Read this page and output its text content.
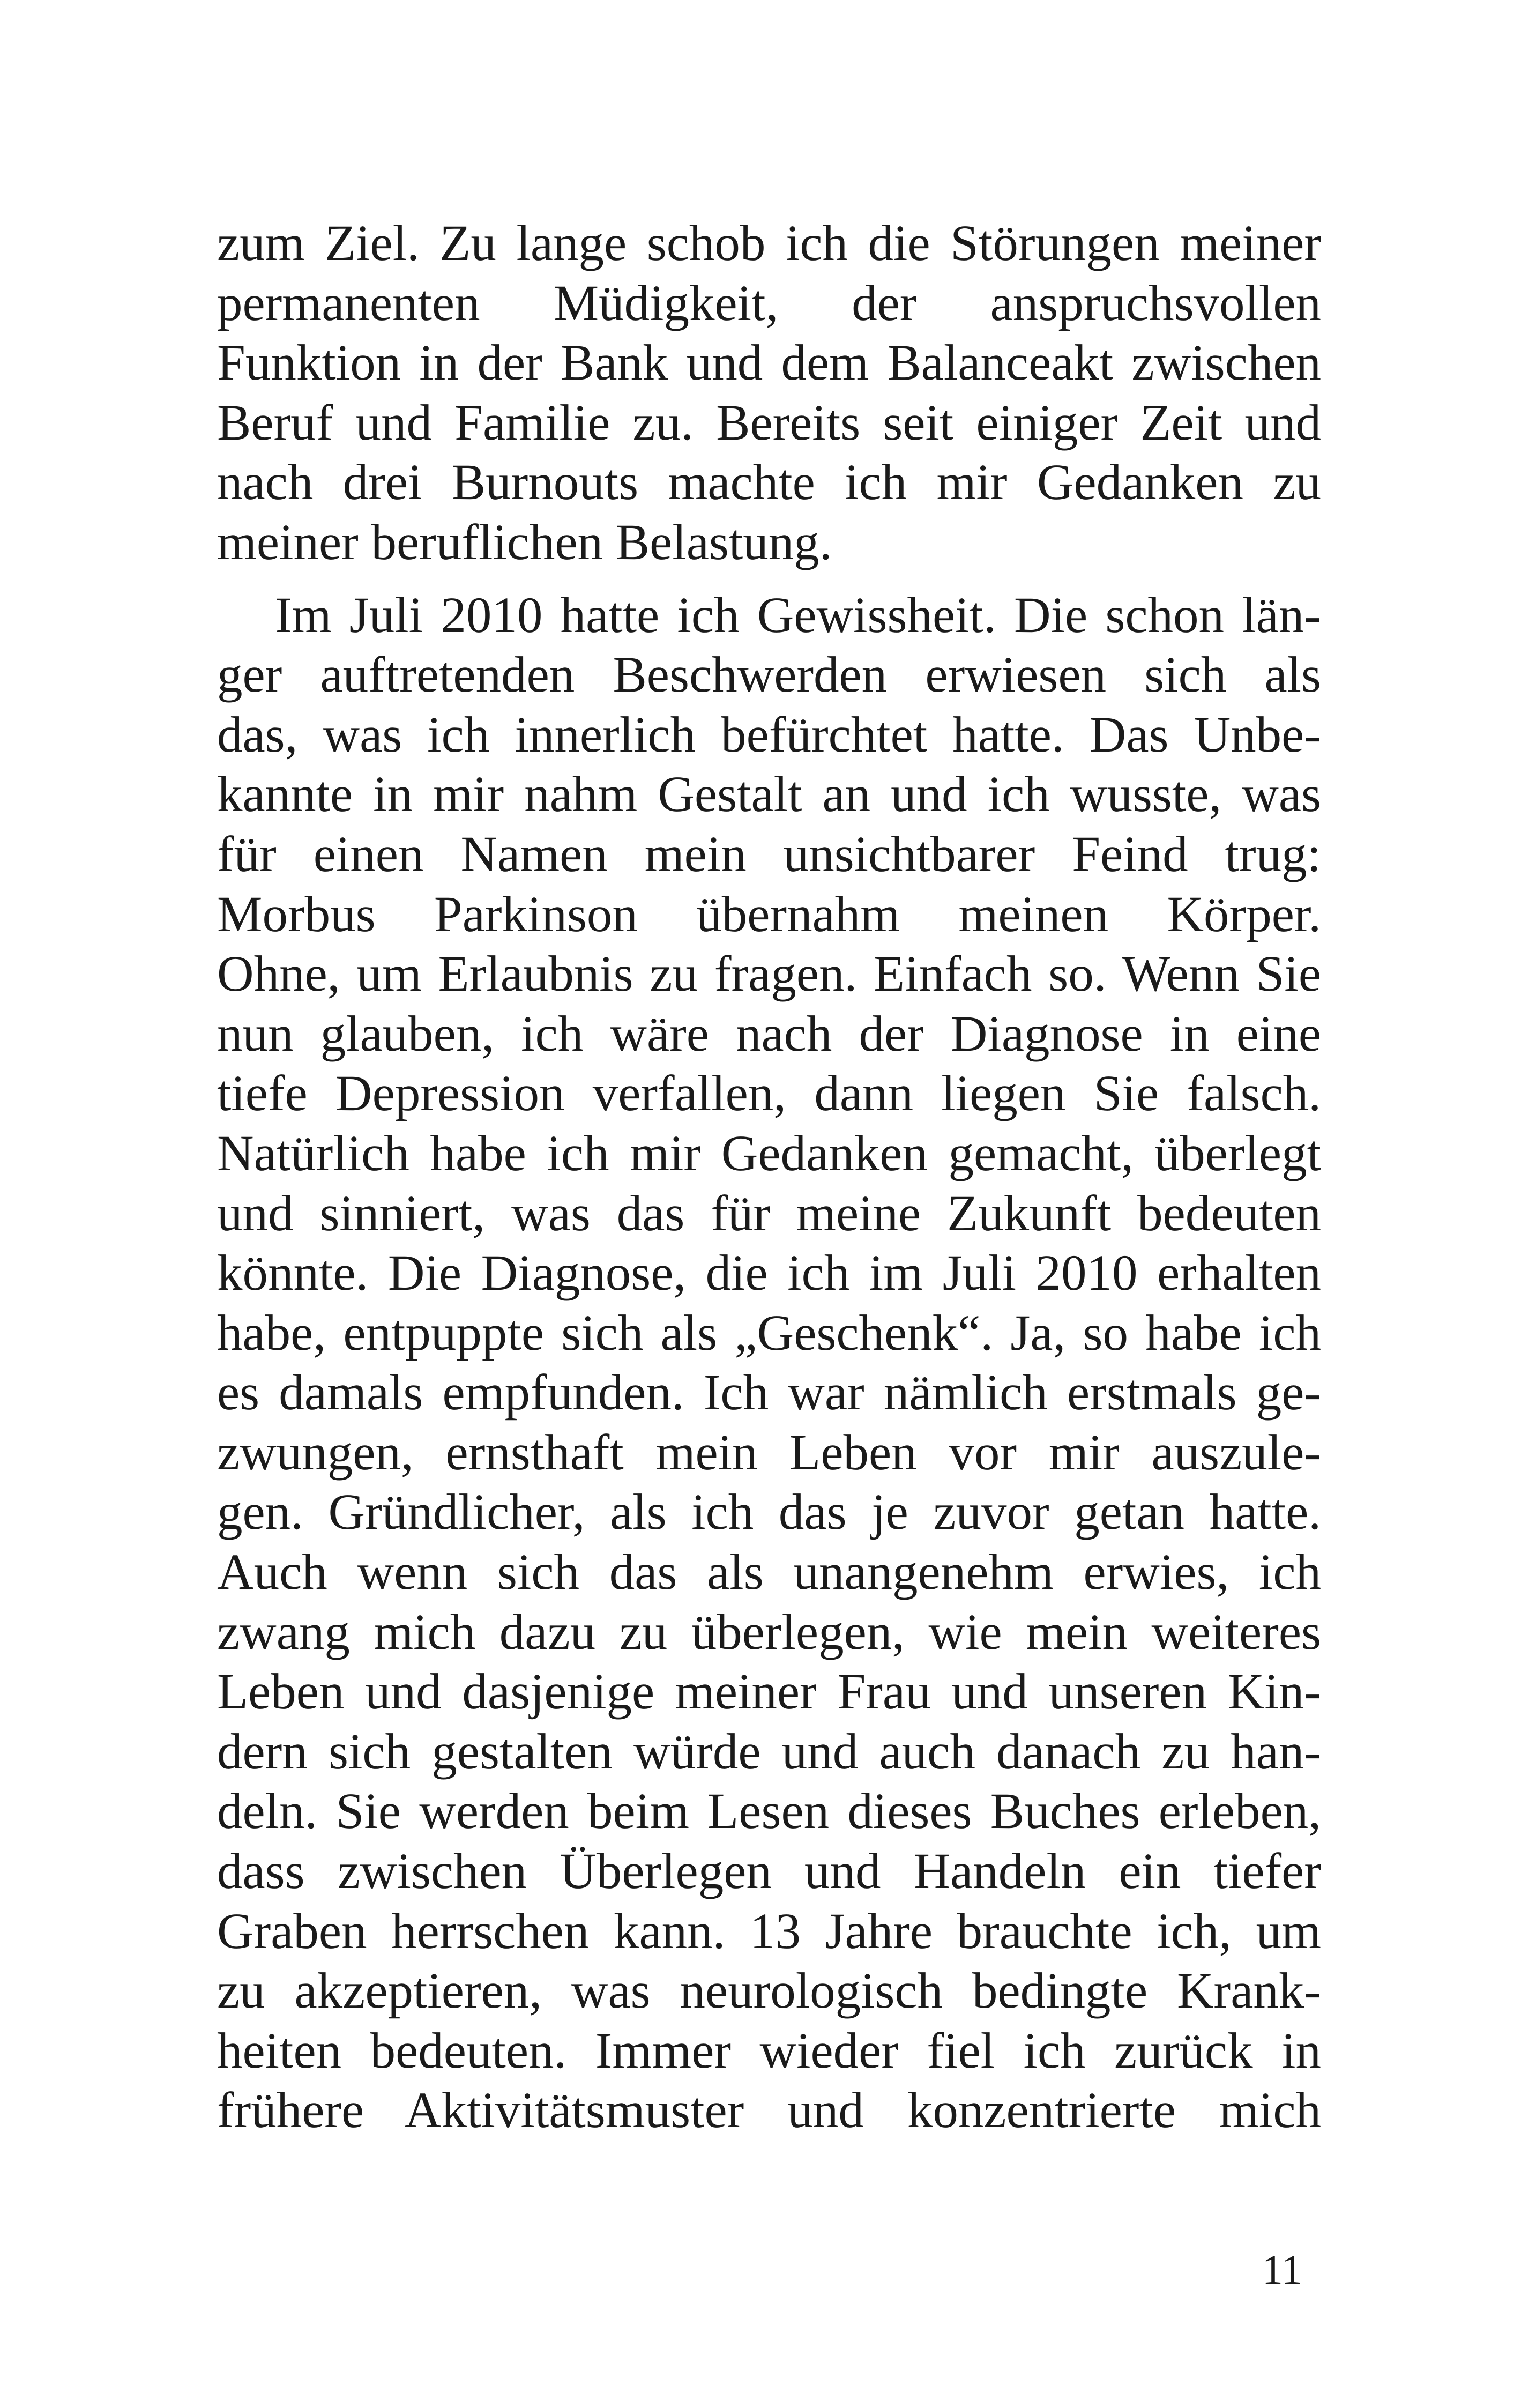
zum Ziel. Zu lange schob ich die Störungen meiner
permanenten Müdigkeit, der anspruchsvollen
Funktion in der Bank und dem Balanceakt zwischen
Beruf und Familie zu. Bereits seit einiger Zeit und
nach drei Burnouts machte ich mir Gedanken zu
meiner beruflichen Belastung.

Im Juli 2010 hatte ich Gewissheit. Die schon län-
ger auftretenden Beschwerden erwiesen sich als
das, was ich innerlich befürchtet hatte. Das Unbe-
kannte in mir nahm Gestalt an und ich wusste, was
für einen Namen mein unsichtbarer Feind trug:
Morbus Parkinson übernahm meinen Körper.
Ohne, um Erlaubnis zu fragen. Einfach so. Wenn Sie
nun glauben, ich wäre nach der Diagnose in eine
tiefe Depression verfallen, dann liegen Sie falsch.
Natürlich habe ich mir Gedanken gemacht, überlegt
und sinniert, was das für meine Zukunft bedeuten
könnte. Die Diagnose, die ich im Juli 2010 erhalten
habe, entpuppte sich als „Geschenk“. Ja, so habe ich
es damals empfunden. Ich war nämlich erstmals ge-
zwungen, ernsthaft mein Leben vor mir auszule-
gen. Gründlicher, als ich das je zuvor getan hatte.
Auch wenn sich das als unangenehm erwies, ich
zwang mich dazu zu überlegen, wie mein weiteres
Leben und dasjenige meiner Frau und unseren Kin-
dern sich gestalten würde und auch danach zu han-
deln. Sie werden beim Lesen dieses Buches erleben,
dass zwischen Überlegen und Handeln ein tiefer
Graben herrschen kann. 13 Jahre brauchte ich, um
zu akzeptieren, was neurologisch bedingte Krank-
heiten bedeuten. Immer wieder fiel ich zurück in
frühere Aktivitätsmuster und konzentrierte mich

11
